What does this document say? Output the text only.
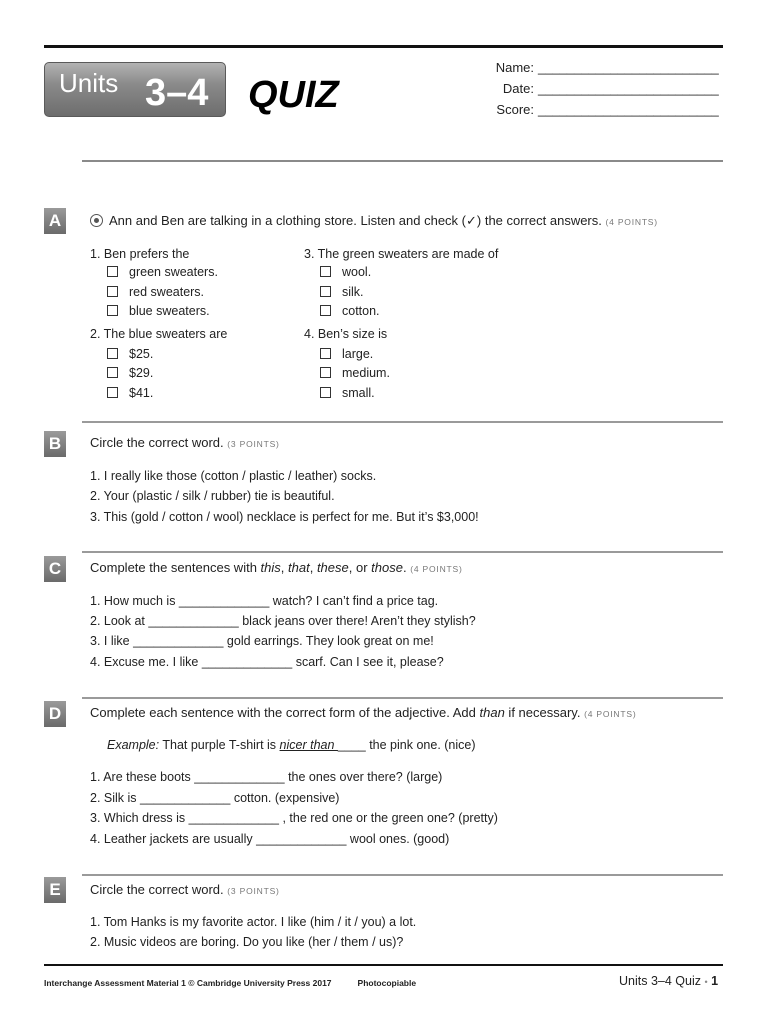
Units 3–4 QUIZ
Name: _________________________
Date: _________________________
Score: _________________________
A	Ann and Ben are talking in a clothing store. Listen and check (✓) the correct answers. (4 POINTS)
1. Ben prefers the
green sweaters.
red sweaters.
blue sweaters.
2. The blue sweaters are
$25.
$29.
$41.
3. The green sweaters are made of
wool.
silk.
cotton.
4. Ben’s size is
large.
medium.
small.
B	Circle the correct word. (3 POINTS)
1. I really like those (cotton / plastic / leather) socks.
2. Your (plastic / silk / rubber) tie is beautiful.
3. This (gold / cotton / wool) necklace is perfect for me. But it’s $3,000!
C	Complete the sentences with this, that, these, or those. (4 POINTS)
1. How much is _____________ watch? I can’t find a price tag.
2. Look at _____________ black jeans over there! Aren’t they stylish?
3. I like _____________ gold earrings. They look great on me!
4. Excuse me. I like _____________ scarf. Can I see it, please?
D	Complete each sentence with the correct form of the adjective. Add than if necessary. (4 POINTS)
Example: That purple T-shirt is nicer than ____ the pink one. (nice)
1. Are these boots _____________ the ones over there? (large)
2. Silk is _____________ cotton. (expensive)
3. Which dress is _____________ , the red one or the green one? (pretty)
4. Leather jackets are usually _____________ wool ones. (good)
E	Circle the correct word. (3 POINTS)
1. Tom Hanks is my favorite actor. I like (him / it / you) a lot.
2. Music videos are boring. Do you like (her / them / us)?
Interchange Assessment Material 1 © Cambridge University Press 2017	Photocopiable	Units 3–4 Quiz • 1
